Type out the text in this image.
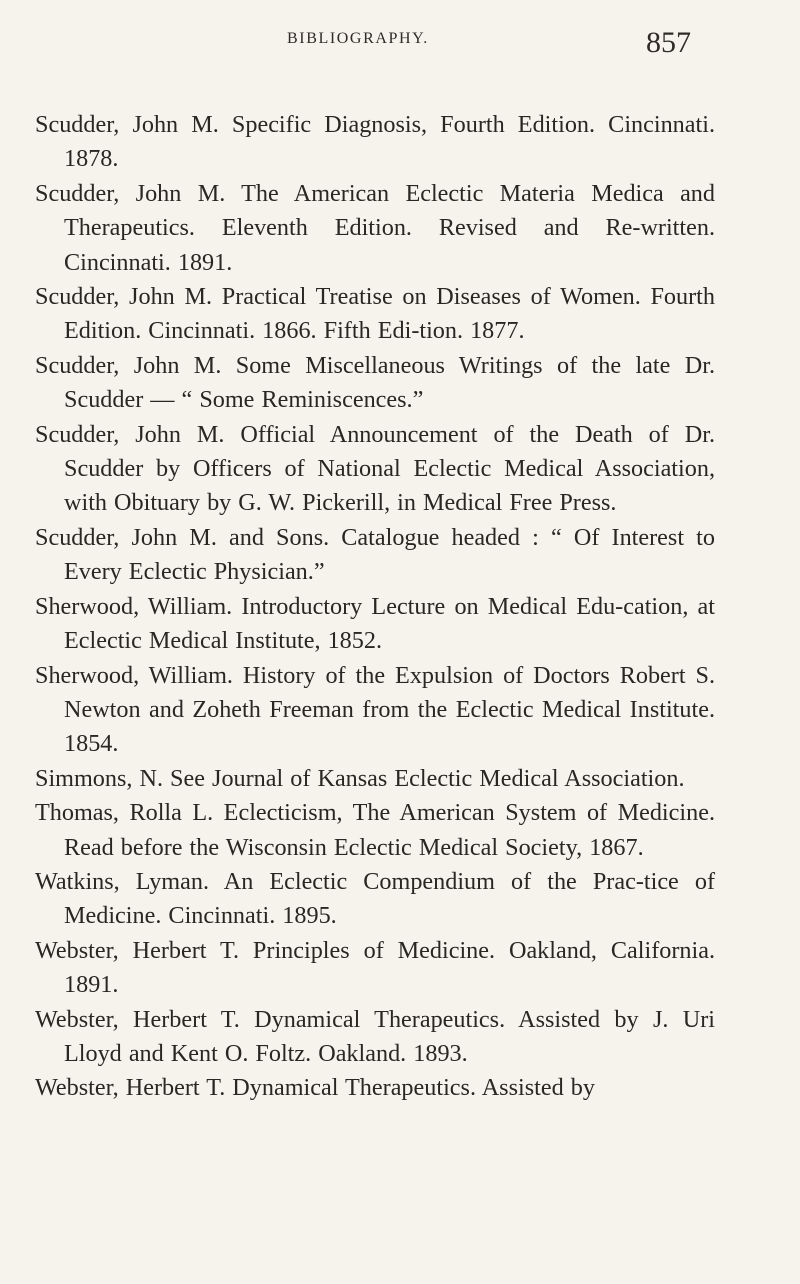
BIBLIOGRAPHY.	857

Scudder, John M. Specific Diagnosis, Fourth Edition. Cincinnati. 1878.

Scudder, John M. The American Eclectic Materia Medica and Therapeutics. Eleventh Edition. Revised and Re-written. Cincinnati. 1891.

Scudder, John M. Practical Treatise on Diseases of Women. Fourth Edition. Cincinnati. 1866. Fifth Edi-tion. 1877.

Scudder, John M. Some Miscellaneous Writings of the late Dr. Scudder — “ Some Reminiscences.”

Scudder, John M. Official Announcement of the Death of Dr. Scudder by Officers of National Eclectic Medical Association, with Obituary by G. W. Pickerill, in Medical Free Press.

Scudder, John M. and Sons. Catalogue headed : “ Of Interest to Every Eclectic Physician.”

Sherwood, William. Introductory Lecture on Medical Edu-cation, at Eclectic Medical Institute, 1852.

Sherwood, William. History of the Expulsion of Doctors Robert S. Newton and Zoheth Freeman from the Eclectic Medical Institute. 1854.

Simmons, N. See Journal of Kansas Eclectic Medical Association.

Thomas, Rolla L. Eclecticism, The American System of Medicine. Read before the Wisconsin Eclectic Medical Society, 1867.

Watkins, Lyman. An Eclectic Compendium of the Prac-tice of Medicine. Cincinnati. 1895.

Webster, Herbert T. Principles of Medicine. Oakland, California. 1891.

Webster, Herbert T. Dynamical Therapeutics. Assisted by J. Uri Lloyd and Kent O. Foltz. Oakland. 1893.

Webster, Herbert T. Dynamical Therapeutics. Assisted by
